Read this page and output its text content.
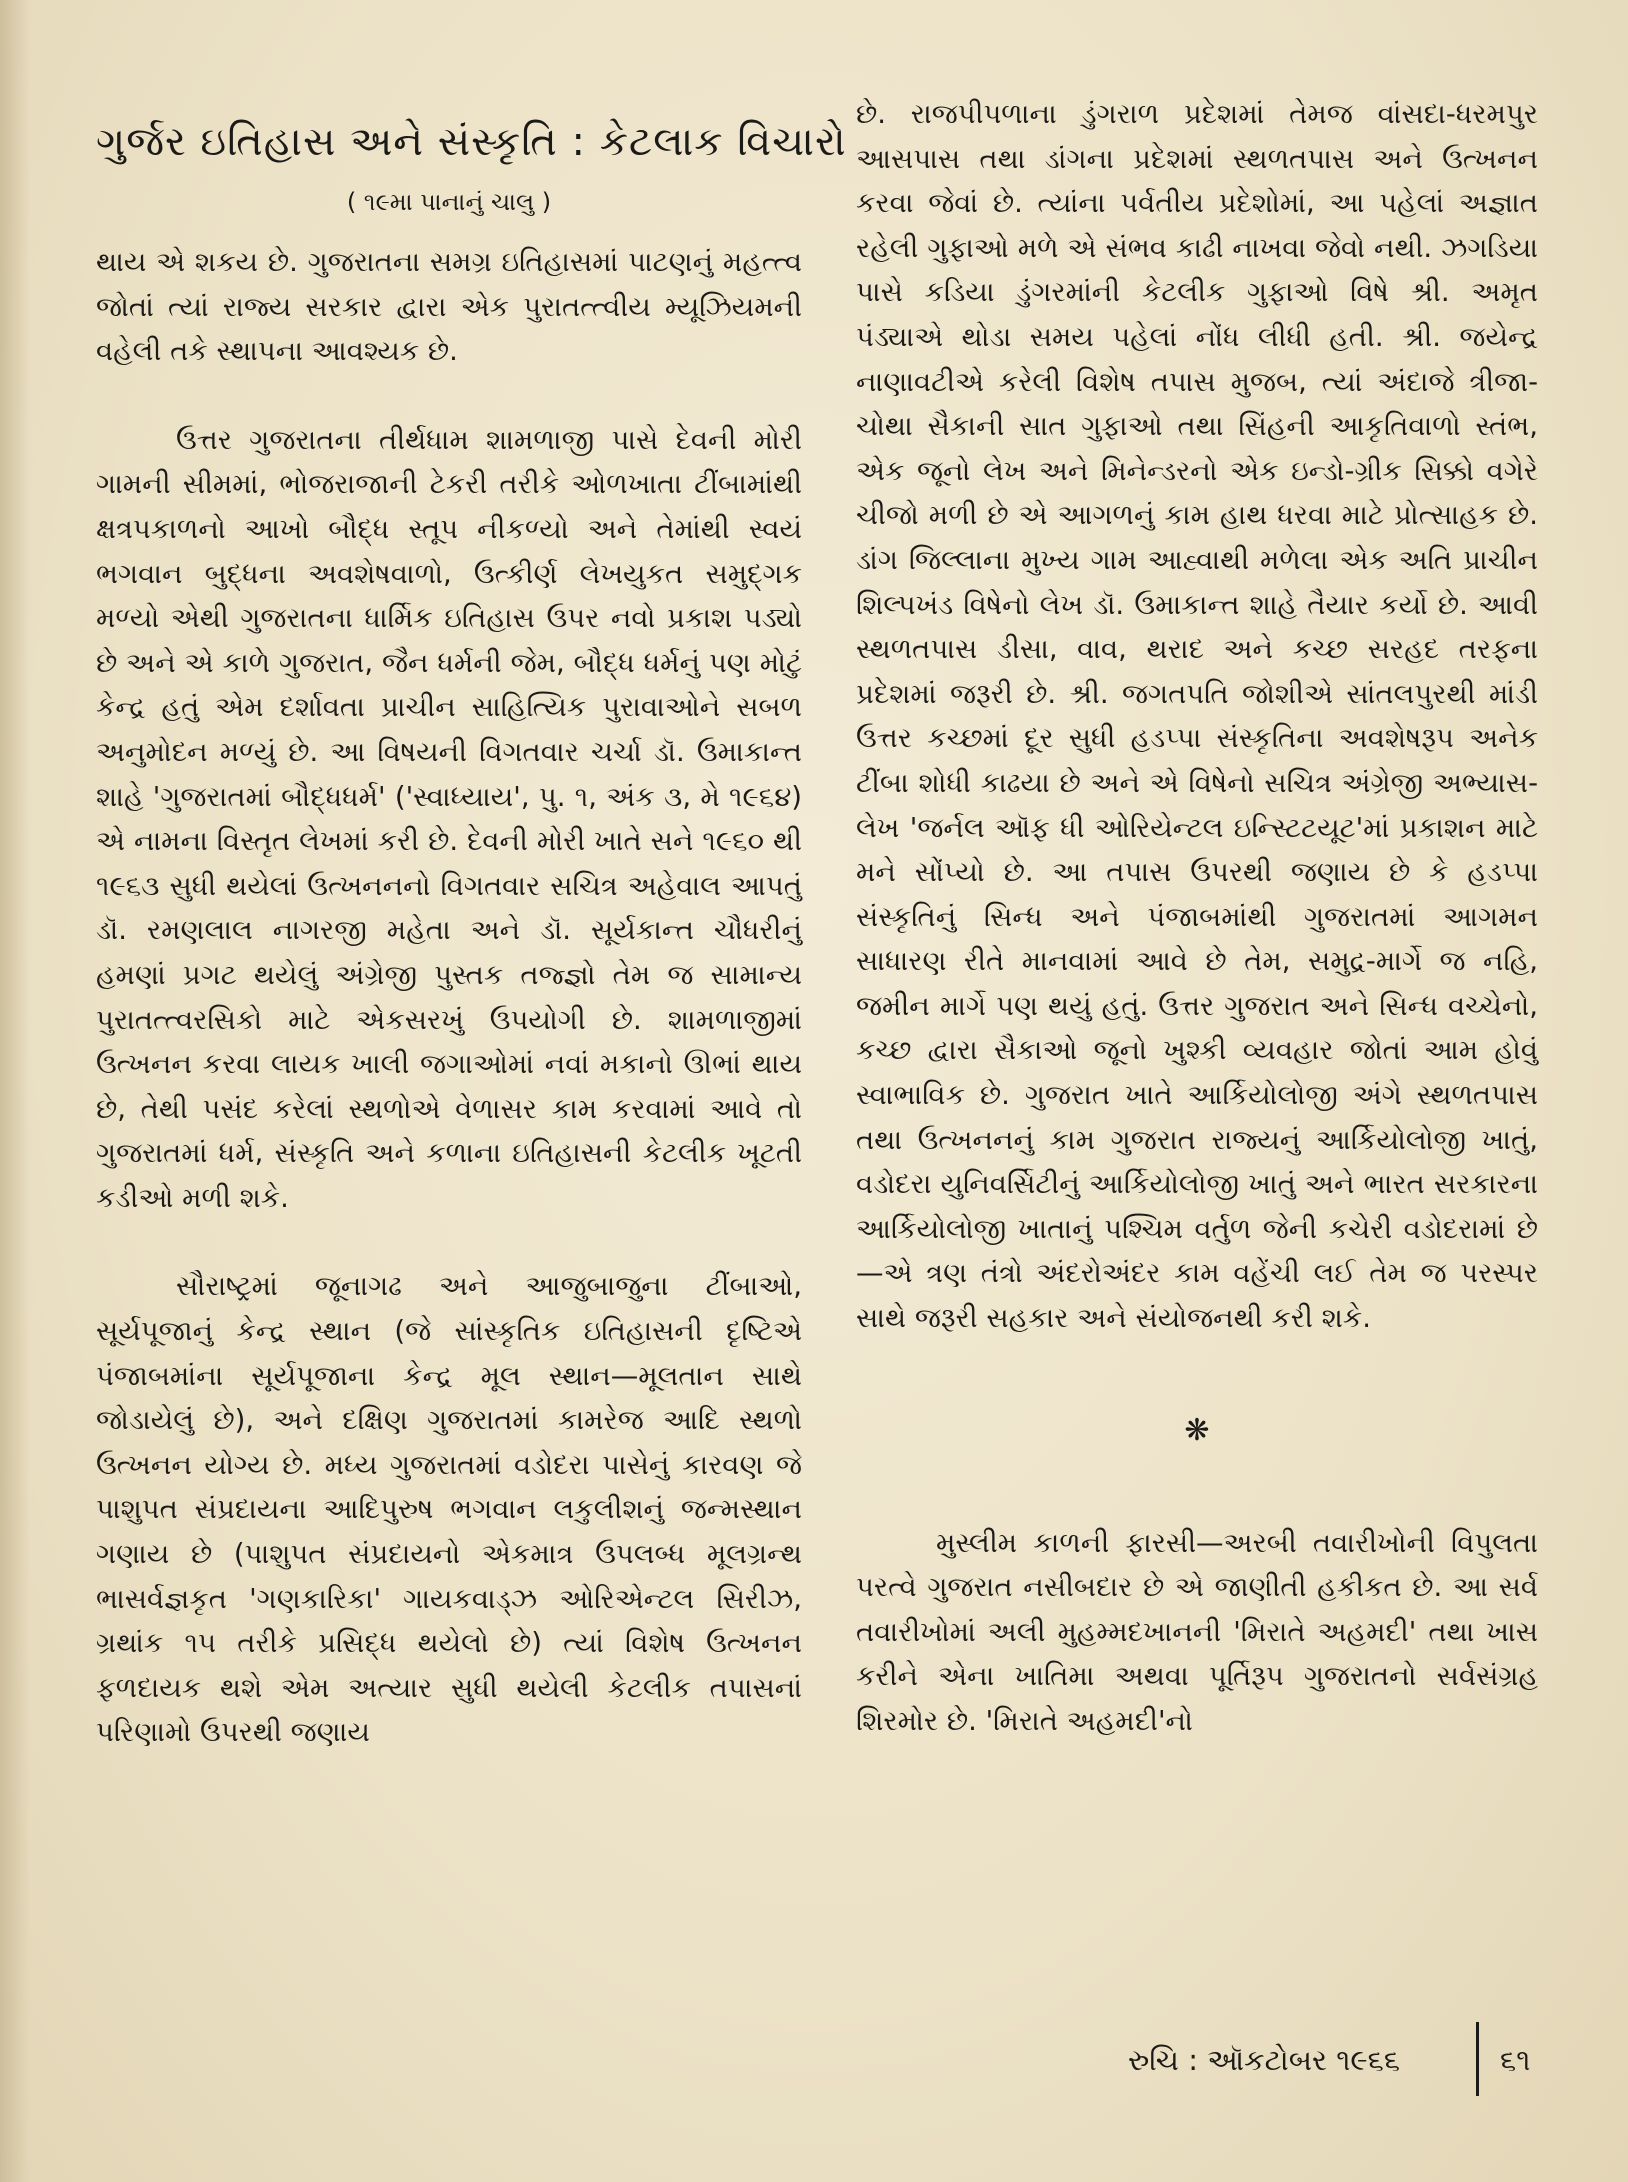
ગુર્જર ઇતિહાસ અને સંસ્કૃતિ : કેટલાક વિચારો
( ૧૯મા પાનાનું ચાલુ )

થાય એ શકય છે. ગુજરાતના સમગ્ર ઇતિહાસમાં પાટણનું મહત્ત્વ જોતાં ત્યાં રાજ્ય સરકાર દ્વારા એક પુરાતત્ત્વીય મ્યૂઝિયમની વહેલી તકે સ્થાપના આવશ્યક છે.

ઉત્તર ગુજરાતના તીર્થધામ શામળાજી પાસે દેવની મોરી ગામની સીમમાં, ભોજરાજાની ટેકરી તરીકે ઓળખાતા ટીંબામાંથી ક્ષત્રપકાળનો આખો બૌદ્ધ સ્તૂપ નીકળ્યો અને તેમાંથી સ્વયં ભગવાન બુદ્ધના અવશેષવાળો, ઉત્કીર્ણ લેખયુકત સમુદ્ગક મળ્યો એથી ગુજરાતના ધાર્મિક ઇતિહાસ ઉપર નવો પ્રકાશ પડ્યો છે અને એ કાળે ગુજરાત, જૈન ધર્મની જેમ, બૌદ્ધ ધર્મનું પણ મોટું કેન્દ્ર હતું એમ દર્શાવતા પ્રાચીન સાહિત્યિક પુરાવાઓને સબળ અનુમોદન મળ્યું છે. આ વિષયની વિગતવાર ચર્ચા ડૉ. ઉમાકાન્ત શાહે 'ગુજરાતમાં બૌદ્ધધર્મ' ('સ્વાધ્યાય', પુ. ૧, અંક ૩, મે ૧૯૬૪) એ નામના વિસ્તૃત લેખમાં કરી છે. દેવની મોરી ખાતે સને ૧૯૬૦ થી ૧૯૬૩ સુધી થયેલાં ઉત્ખનનનો વિગતવાર સચિત્ર અહેવાલ આપતું ડૉ. રમણલાલ નાગરજી મહેતા અને ડૉ. સૂર્યકાન્ત ચૌધરીનું હમણાં પ્રગટ થયેલું અંગ્રેજી પુસ્તક તજ્જ્ઞો તેમ જ સામાન્ય પુરાતત્ત્વરસિકો માટે એકસરખું ઉપયોગી છે. શામળાજીમાં ઉત્ખનન કરવા લાયક ખાલી જગાઓમાં નવાં મકાનો ઊભાં થાય છે, તેથી પસંદ કરેલાં સ્થળોએ વેળાસર કામ કરવામાં આવે તો ગુજરાતમાં ધર્મ, સંસ્કૃતિ અને કળાના ઇતિહાસની કેટલીક ખૂટતી કડીઓ મળી શકે.

સૌરાષ્ટ્રમાં જૂનાગઢ અને આજુબાજુના ટીંબાઓ, સૂર્યપૂજાનું કેન્દ્ર સ્થાન (જે સાંસ્કૃતિક ઇતિહાસની દૃષ્ટિએ પંજાબમાંના સૂર્યપૂજાના કેન્દ્ર મૂલ સ્થાન—મૂલતાન સાથે જોડાયેલું છે), અને દક્ષિણ ગુજરાતમાં કામરેજ આદિ સ્થળો ઉત્ખનન યોગ્ય છે. મધ્ય ગુજરાતમાં વડોદરા પાસેનું કારવણ જે પાશુપત સંપ્રદાયના આદિપુરુષ ભગવાન લકુલીશનું જન્મસ્થાન ગણાય છે (પાશુપત સંપ્રદાયનો એકમાત્ર ઉપલબ્ધ મૂલગ્રન્થ ભાસર્વજ્ઞકૃત 'ગણકારિકા' ગાયકવાડ્ઝ ઓરિએન્ટલ સિરીઝ, ગ્રથાંક ૧૫ તરીકે પ્રસિદ્ધ થયેલો છે) ત્યાં વિશેષ ઉત્ખનન ફળદાયક થશે એમ અત્યાર સુધી થયેલી કેટલીક તપાસનાં પરિણામો ઉપરથી જણાય

છે. રાજપીપળાના ડુંગરાળ પ્રદેશમાં તેમજ વાંસદા-ધરમપુર આસપાસ તથા ડાંગના પ્રદેશમાં સ્થળતપાસ અને ઉત્ખનન કરવા જેવાં છે. ત્યાંના પર્વતીય પ્રદેશોમાં, આ પહેલાં અજ્ઞાત રહેલી ગુફાઓ મળે એ સંભવ કાઢી નાખવા જેવો નથી. ઝગડિયા પાસે કડિયા ડુંગરમાંની કેટલીક ગુફાઓ વિષે શ્રી. અમૃત પંડ્યાએ થોડા સમય પહેલાં નોંધ લીધી હતી. શ્રી. જયેન્દ્ર નાણાવટીએ કરેલી વિશેષ તપાસ મુજબ, ત્યાં અંદાજે ત્રીજા-ચોથા સૈકાની સાત ગુફાઓ તથા સિંહની આકૃતિવાળો સ્તંભ, એક જૂનો લેખ અને મિનેન્ડરનો એક ઇન્ડો-ગ્રીક સિક્કો વગેરે ચીજો મળી છે એ આગળનું કામ હાથ ધરવા માટે પ્રોત્સાહક છે. ડાંગ જિલ્લાના મુખ્ય ગામ આહ્વાથી મળેલા એક અતિ પ્રાચીન શિલ્પખંડ વિષેનો લેખ ડૉ. ઉમાકાન્ત શાહે તૈયાર કર્યો છે. આવી સ્થળતપાસ ડીસા, વાવ, થરાદ અને કચ્છ સરહદ તરફના પ્રદેશમાં જરૂરી છે. શ્રી. જગતપતિ જોશીએ સાંતલપુરથી માંડી ઉત્તર કચ્છમાં દૂર સુધી હડપ્પા સંસ્કૃતિના અવશેષરૂપ અનેક ટીંબા શોધી કાઢયા છે અને એ વિષેનો સચિત્ર અંગ્રેજી અભ્યાસ-લેખ 'જર્નલ ઑફ ધી ઓરિયેન્ટલ ઇન્સ્ટિટયૂટ'માં પ્રકાશન માટે મને સોંપ્યો છે. આ તપાસ ઉપરથી જણાય છે કે હડપ્પા સંસ્કૃતિનું સિન્ધ અને પંજાબમાંથી ગુજરાતમાં આગમન સાધારણ રીતે માનવામાં આવે છે તેમ, સમુદ્ર-માર્ગે જ નહિ, જમીન માર્ગે પણ થયું હતું. ઉત્તર ગુજરાત અને સિન્ધ વચ્ચેનો, કચ્છ દ્વારા સૈકાઓ જૂનો ખુશ્કી વ્યવહાર જોતાં આમ હોવું સ્વાભાવિક છે. ગુજરાત ખાતે આર્કિયોલોજી અંગે સ્થળતપાસ તથા ઉત્ખનનનું કામ ગુજરાત રાજ્યનું આર્કિયોલોજી ખાતું, વડોદરા યુનિવર્સિટીનું આર્કિયોલોજી ખાતું અને ભારત સરકારના આર્કિયોલોજી ખાતાનું પશ્ચિમ વર્તુળ જેની કચેરી વડોદરામાં છે—એ ત્રણ તંત્રો અંદરોઅંદર કામ વહેંચી લઈ તેમ જ પરસ્પર સાથે જરૂરી સહકાર અને સંયોજનથી કરી શકે.

❋

મુસ્લીમ કાળની ફારસી—અરબી તવારીખોની વિપુલતા પરત્વે ગુજરાત નસીબદાર છે એ જાણીતી હકીકત છે. આ સર્વ તવારીખોમાં અલી મુહમ્મદખાનની 'મિરાતે અહમદી' તથા ખાસ કરીને એના ખાતિમા અથવા પૂર્તિરૂપ ગુજરાતનો સર્વસંગ્રહ શિરમોર છે. 'મિરાતે અહમદી'નો

રુચિ : ઑકટોબર ૧૯૬૬	૬૧
